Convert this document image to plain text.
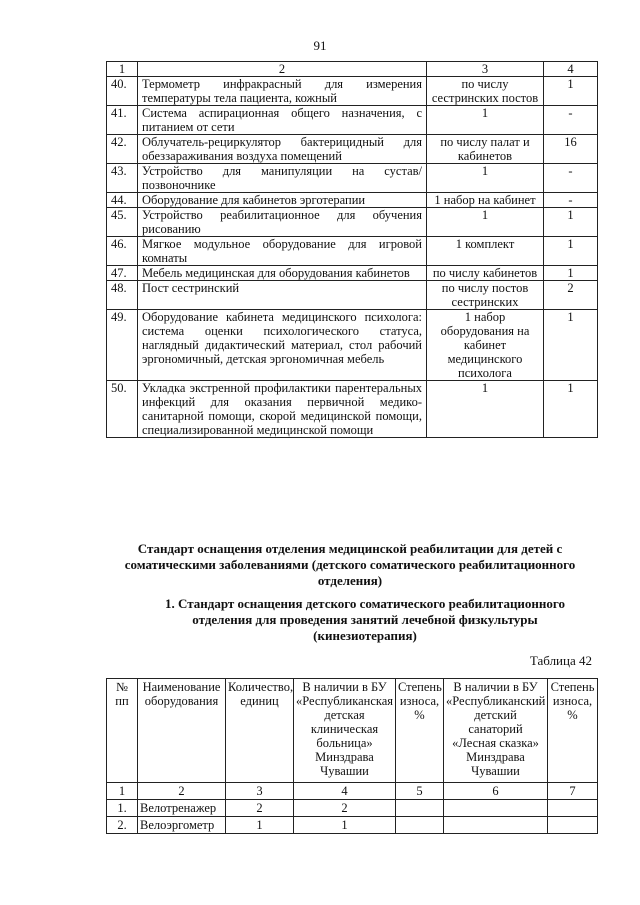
91
1	2	3	4
40.	Термометр инфракрасный для измерения температуры тела пациента, кожный	по числу сестринских постов	1
41.	Система аспирационная общего назначения, с питанием от сети	1	-
42.	Облучатель-рециркулятор бактерицидный для обеззараживания воздуха помещений	по числу палат и кабинетов	16
43.	Устройство для манипуляции на сустав/позвоночнике	1	-
44.	Оборудование для кабинетов эрготерапии	1 набор на кабинет	-
45.	Устройство реабилитационное для обучения рисованию	1	1
46.	Мягкое модульное оборудование для игровой комнаты	1 комплект	1
47.	Мебель медицинская для оборудования кабинетов	по числу кабинетов	1
48.	Пост сестринский	по числу постов сестринских	2
49.	Оборудование кабинета медицинского психолога: система оценки психологического статуса, наглядный дидактический материал, стол рабочий эргономичный, детская эргономичная мебель	1 набор оборудования на кабинет медицинского психолога	1
50.	Укладка экстренной профилактики парентеральных инфекций для оказания первичной медико-санитарной помощи, скорой медицинской помощи, специализированной медицинской помощи	1	1
Стандарт оснащения отделения медицинской реабилитации для детей с соматическими заболеваниями (детского соматического реабилитационного отделения)
1. Стандарт оснащения детского соматического реабилитационного отделения для проведения занятий лечебной физкультуры (кинезиотерапия)
Таблица 42
№ пп	Наименование оборудования	Количество, единиц	В наличии в БУ «Республиканская детская клиническая больница» Минздрава Чувашии	Степень износа, %	В наличии в БУ «Республиканский детский санаторий «Лесная сказка» Минздрава Чувашии	Степень износа, %
1	2	3	4	5	6	7
1.	Велотренажер	2	2			
2.	Велоэргометр	1	1			
